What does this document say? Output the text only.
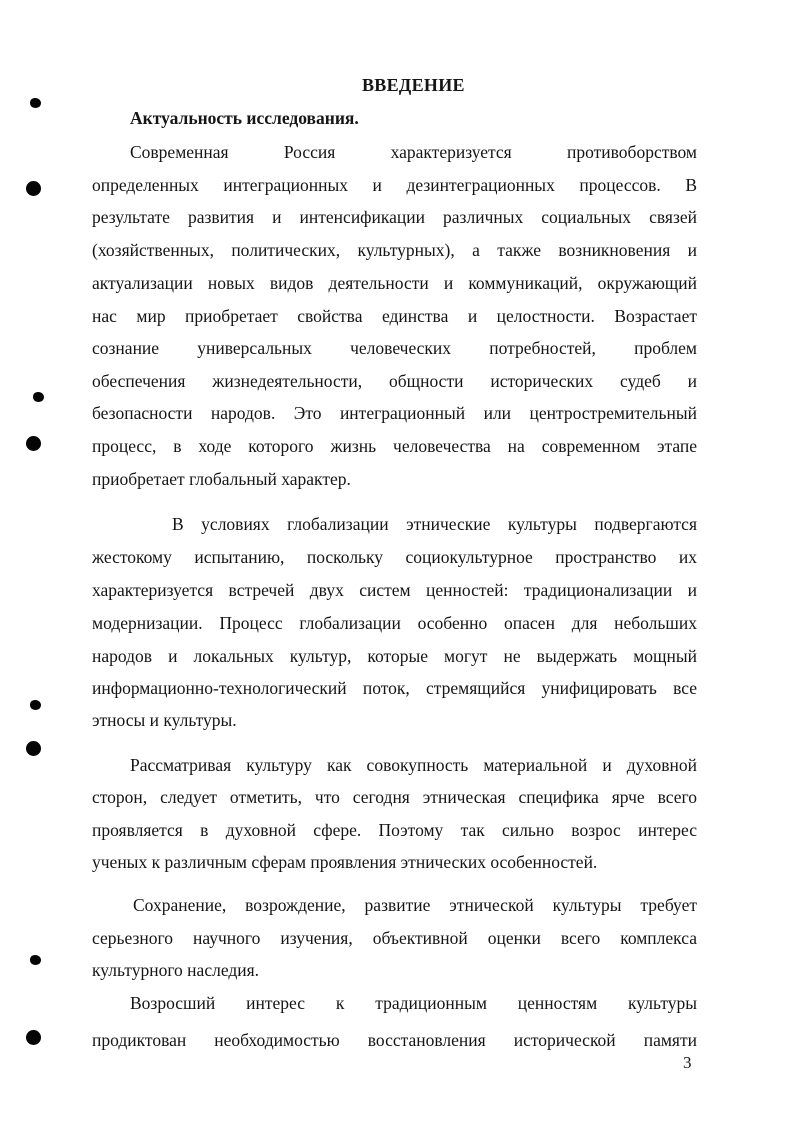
ВВЕДЕНИЕ
Актуальность исследования.
Современная Россия характеризуется противоборством
определенных интеграционных и дезинтеграционных процессов. В
результате развития и интенсификации различных социальных связей
(хозяйственных, политических, культурных), а также возникновения и
актуализации новых видов деятельности и коммуникаций, окружающий
нас мир приобретает свойства единства и целостности. Возрастает
сознание универсальных человеческих потребностей, проблем
обеспечения жизнедеятельности, общности исторических судеб и
безопасности народов. Это интеграционный или центростремительный
процесс, в ходе которого жизнь человечества на современном этапе
приобретает глобальный характер.
В условиях глобализации этнические культуры подвергаются
жестокому испытанию, поскольку социокультурное пространство их
характеризуется встречей двух систем ценностей: традиционализации и
модернизации. Процесс глобализации особенно опасен для небольших
народов и локальных культур, которые могут не выдержать мощный
информационно-технологический поток, стремящийся унифицировать все
этносы и культуры.
Рассматривая культуру как совокупность материальной и духовной
сторон, следует отметить, что сегодня этническая специфика ярче всего
проявляется в духовной сфере. Поэтому так сильно возрос интерес
ученых к различным сферам проявления этнических особенностей.
Сохранение, возрождение, развитие этнической культуры требует
серьезного научного изучения, объективной оценки всего комплекса
культурного наследия.
Возросший интерес к традиционным ценностям культуры
продиктован необходимостью восстановления исторической памяти
3
